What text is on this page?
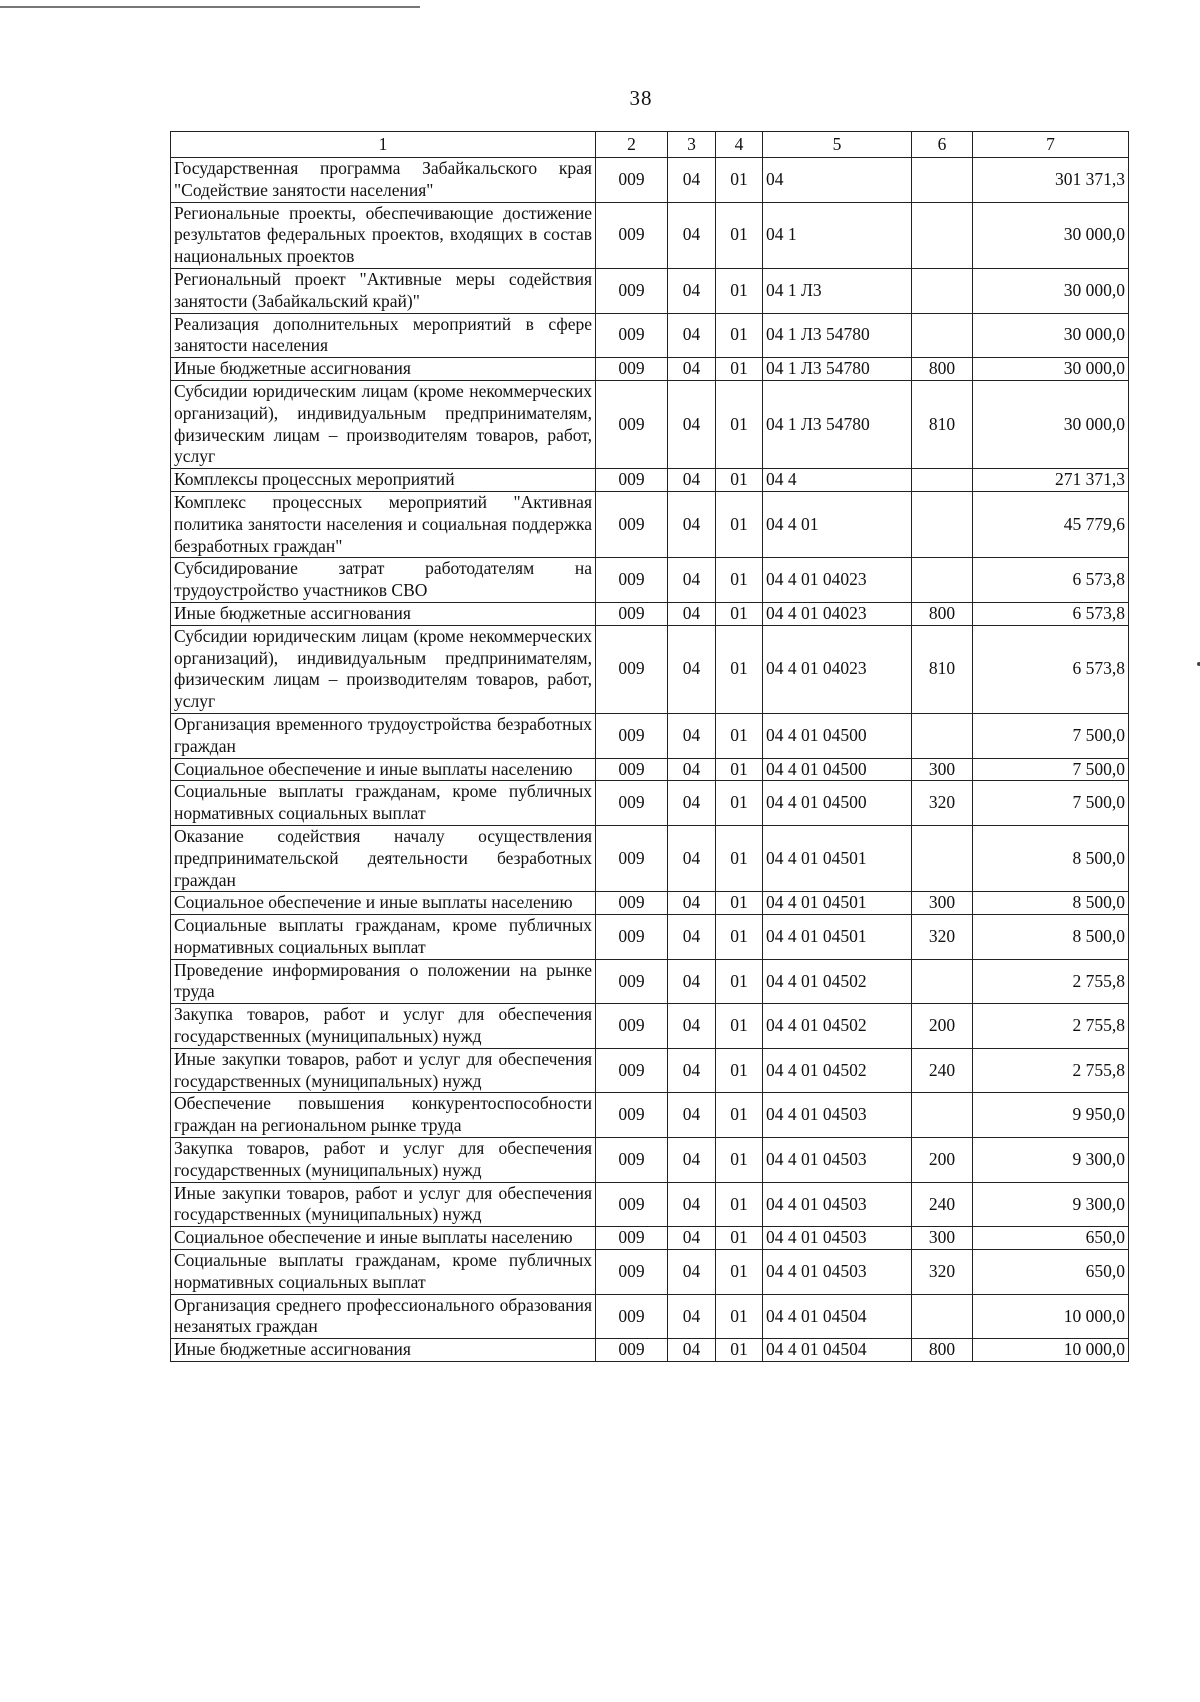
38
1	2	3	4	5	6	7
Государственная программа Забайкальского края "Содействие занятости населения"	009	04	01	04		301 371,3
Региональные проекты, обеспечивающие достижение результатов федеральных проектов, входящих в состав национальных проектов	009	04	01	04 1		30 000,0
Региональный проект "Активные меры содействия занятости (Забайкальский край)"	009	04	01	04 1 Л3		30 000,0
Реализация дополнительных мероприятий в сфере занятости населения	009	04	01	04 1 Л3 54780		30 000,0
Иные бюджетные ассигнования	009	04	01	04 1 Л3 54780	800	30 000,0
Субсидии юридическим лицам (кроме некоммерческих организаций), индивидуальным предпринимателям, физическим лицам – производителям товаров, работ, услуг	009	04	01	04 1 Л3 54780	810	30 000,0
Комплексы процессных мероприятий	009	04	01	04 4		271 371,3
Комплекс процессных мероприятий "Активная политика занятости населения и социальная поддержка безработных граждан"	009	04	01	04 4 01		45 779,6
Субсидирование затрат работодателям на трудоустройство участников СВО	009	04	01	04 4 01 04023		6 573,8
Иные бюджетные ассигнования	009	04	01	04 4 01 04023	800	6 573,8
Субсидии юридическим лицам (кроме некоммерческих организаций), индивидуальным предпринимателям, физическим лицам – производителям товаров, работ, услуг	009	04	01	04 4 01 04023	810	6 573,8
Организация временного трудоустройства безработных граждан	009	04	01	04 4 01 04500		7 500,0
Социальное обеспечение и иные выплаты населению	009	04	01	04 4 01 04500	300	7 500,0
Социальные выплаты гражданам, кроме публичных нормативных социальных выплат	009	04	01	04 4 01 04500	320	7 500,0
Оказание содействия началу осуществления предпринимательской деятельности безработных граждан	009	04	01	04 4 01 04501		8 500,0
Социальное обеспечение и иные выплаты населению	009	04	01	04 4 01 04501	300	8 500,0
Социальные выплаты гражданам, кроме публичных нормативных социальных выплат	009	04	01	04 4 01 04501	320	8 500,0
Проведение информирования о положении на рынке труда	009	04	01	04 4 01 04502		2 755,8
Закупка товаров, работ и услуг для обеспечения государственных (муниципальных) нужд	009	04	01	04 4 01 04502	200	2 755,8
Иные закупки товаров, работ и услуг для обеспечения государственных (муниципальных) нужд	009	04	01	04 4 01 04502	240	2 755,8
Обеспечение повышения конкурентоспособности граждан на региональном рынке труда	009	04	01	04 4 01 04503		9 950,0
Закупка товаров, работ и услуг для обеспечения государственных (муниципальных) нужд	009	04	01	04 4 01 04503	200	9 300,0
Иные закупки товаров, работ и услуг для обеспечения государственных (муниципальных) нужд	009	04	01	04 4 01 04503	240	9 300,0
Социальное обеспечение и иные выплаты населению	009	04	01	04 4 01 04503	300	650,0
Социальные выплаты гражданам, кроме публичных нормативных социальных выплат	009	04	01	04 4 01 04503	320	650,0
Организация среднего профессионального образования незанятых граждан	009	04	01	04 4 01 04504		10 000,0
Иные бюджетные ассигнования	009	04	01	04 4 01 04504	800	10 000,0
